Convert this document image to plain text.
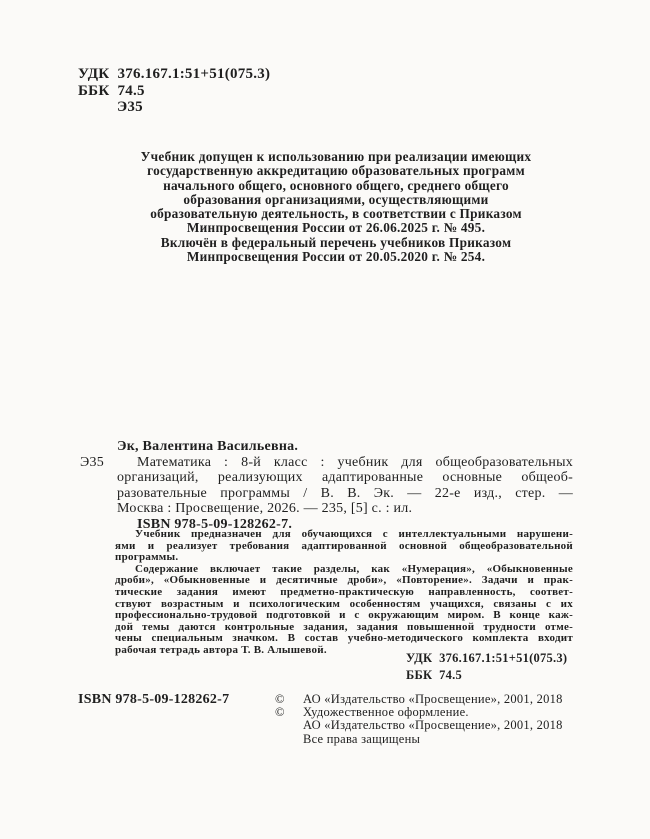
УДК  376.167.1:51+51(075.3)
ББК  74.5
Э35
Учебник допущен к использованию при реализации имеющих
государственную аккредитацию образовательных программ
начального общего, основного общего, среднего общего
образования организациями, осуществляющими
образовательную деятельность, в соответствии с Приказом
Минпросвещения России от 26.06.2025 г. № 495.
Включён в федеральный перечень учебников Приказом
Минпросвещения России от 20.05.2020 г. № 254.
Эк, Валентина Васильевна.
Э35	Математика : 8-й класс : учебник для общеобразовательных
организаций, реализующих адаптированные основные общеоб-
разовательные программы / В. В. Эк. — 22-е изд., стер. —
Москва : Просвещение, 2026. — 235, [5] с. : ил.
ISBN 978-5-09-128262-7.
Учебник предназначен для обучающихся с интеллектуальными нарушени-
ями и реализует требования адаптированной основной общеобразовательной
программы.
Содержание включает такие разделы, как «Нумерация», «Обыкновенные
дроби», «Обыкновенные и десятичные дроби», «Повторение». Задачи и прак-
тические задания имеют предметно-практическую направленность, соответ-
ствуют возрастным и психологическим особенностям учащихся, связаны с их
профессионально-трудовой подготовкой и с окружающим миром. В конце каж-
дой темы даются контрольные задания, задания повышенной трудности отме-
чены специальным значком. В состав учебно-методического комплекта входит
рабочая тетрадь автора Т. В. Алышевой.
УДК  376.167.1:51+51(075.3)
ББК  74.5
ISBN 978-5-09-128262-7	©	АО «Издательство «Просвещение», 2001, 2018
©	Художественное оформление.
АО «Издательство «Просвещение», 2001, 2018
Все права защищены
